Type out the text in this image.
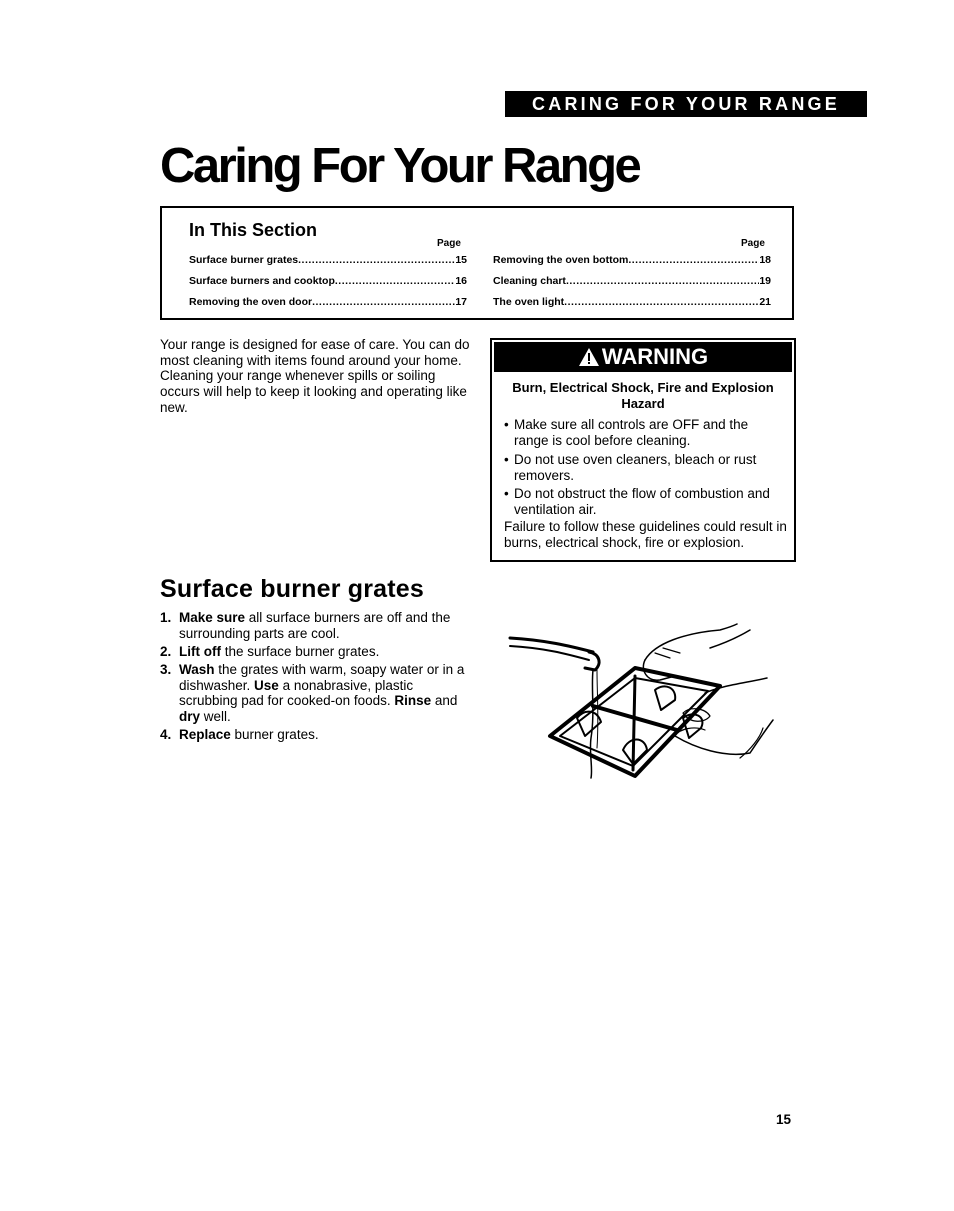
CARING FOR YOUR RANGE
Caring For Your Range
In This Section
Page	Page
Surface burner grates .....	15
Surface burners and cooktop .....	16
Removing the oven door .....	17
Removing the oven bottom .....	18
Cleaning chart .....	19
The oven light .....	21
Your range is designed for ease of care. You can do most cleaning with items found around your home. Cleaning your range whenever spills or soiling occurs will help to keep it looking and operating like new.
WARNING
Burn, Electrical Shock, Fire and Explosion Hazard
• Make sure all controls are OFF and the range is cool before cleaning.
• Do not use oven cleaners, bleach or rust removers.
• Do not obstruct the flow of combustion and ventilation air.
Failure to follow these guidelines could result in burns, electrical shock, fire or explosion.
Surface burner grates
1. Make sure all surface burners are off and the surrounding parts are cool.
2. Lift off the surface burner grates.
3. Wash the grates with warm, soapy water or in a dishwasher. Use a nonabrasive, plastic scrubbing pad for cooked-on foods. Rinse and dry well.
4. Replace burner grates.
15
